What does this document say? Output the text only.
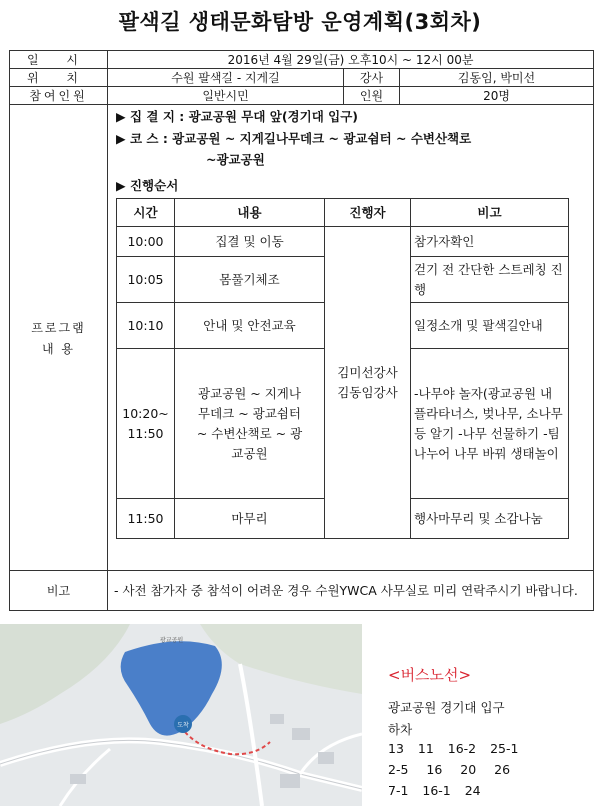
팔색길 생태문화탐방 운영계획(3회차)
일 시	2016년 4월 29일(금) 오후10시 ~ 12시 00분
위 치	수원 팔색길 - 지게길	강사	김동임, 박미선
참여인원	일반시민	인원	20명

프로그램
내 용

▶ 집 결 지 : 광교공원 무대 앞(경기대 입구)
▶ 코 스 : 광교공원 ~ 지게길나무데크 ~ 광교쉼터 ~ 수변산책로
~광교공원
▶ 진행순서
시간	내용	진행자	비고
10:00	집결 및 이동	김미선강사 김동임강사	참가자확인
10:05	몸풀기체조	걷기 전 간단한 스트레칭 진행
10:10	안내 및 안전교육	일정소개 및 팔색길안내
10:20~ 11:50	광교공원 ~ 지게나무데크 ~ 광교쉼터 ~ 수변산책로 ~ 광교공원	-나무야 놀자(광교공원 내 플라타너스, 벚나무, 소나무 등 알기 -나무 선물하기 -팀 나누어 나무 바꿔 생태놀이
11:50	마무리	행사마무리 및 소감나눔

비고	- 사전 참가자 중 참석이 어려운 경우 수원YWCA 사무실로 미리 연락주시기 바랍니다.
도착
광교공원
<버스노선>
광교공원 경기대 입구
하차
13 11 16-2 25-1
2-5 16 20 26
7-1 16-1 24
